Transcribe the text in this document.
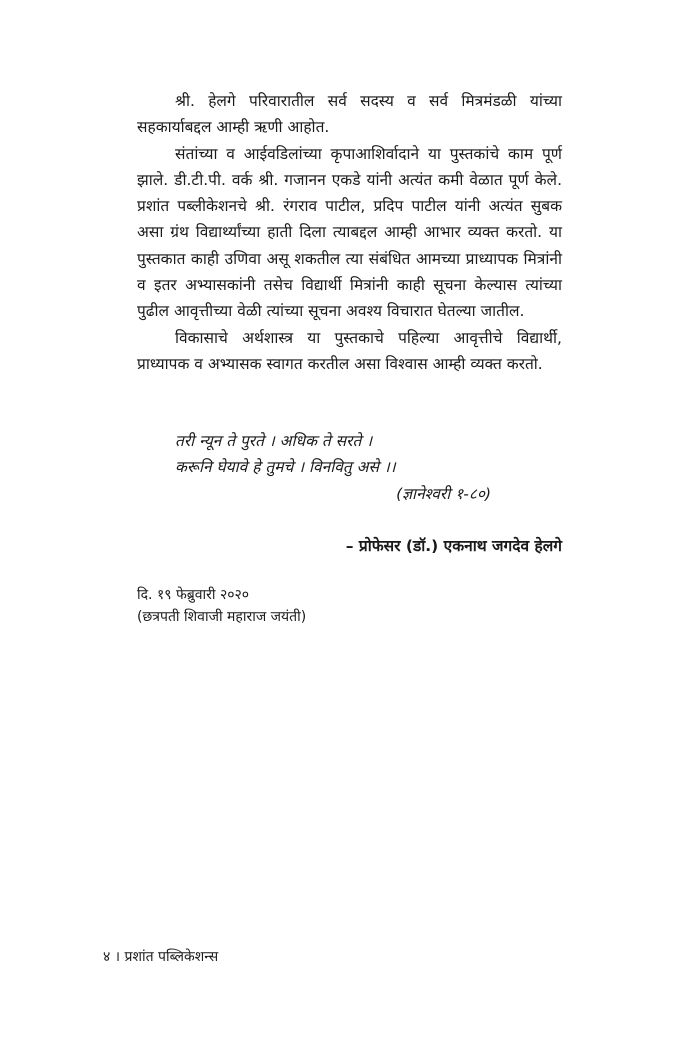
श्री. हेलगे परिवारातील सर्व सदस्य व सर्व मित्रमंडळी यांच्या सहकार्याबद्दल आम्ही ऋणी आहोत.

संतांच्या व आईवडिलांच्या कृपाआशिर्वादाने या पुस्तकांचे काम पूर्ण झाले. डी.टी.पी. वर्क श्री. गजानन एकडे यांनी अत्यंत कमी वेळात पूर्ण केले. प्रशांत पब्लीकेशनचे श्री. रंगराव पाटील, प्रदिप पाटील यांनी अत्यंत सुबक असा ग्रंथ विद्यार्थ्यांच्या हाती दिला त्याबद्दल आम्ही आभार व्यक्त करतो. या पुस्तकात काही उणिवा असू शकतील त्या संबंधित आमच्या प्राध्यापक मित्रांनी व इतर अभ्यासकांनी तसेच विद्यार्थी मित्रांनी काही सूचना केल्यास त्यांच्या पुढील आवृत्तीच्या वेळी त्यांच्या सूचना अवश्य विचारात घेतल्या जातील.

विकासाचे अर्थशास्त्र या पुस्तकाचे पहिल्या आवृत्तीचे विद्यार्थी, प्राध्यापक व अभ्यासक स्वागत करतील असा विश्वास आम्ही व्यक्त करतो.

तरी न्यून ते पुरते । अधिक ते सरते ।
करूनि घेयावे हे तुमचे । विनवितु असे ।।
(ज्ञानेश्वरी १-८०)
– प्रोफेसर (डॉ.) एकनाथ जगदेव हेलगे
दि. १९ फेब्रुवारी २०२०
(छत्रपती शिवाजी महाराज जयंती)
४ । प्रशांत पब्लिकेशन्स
